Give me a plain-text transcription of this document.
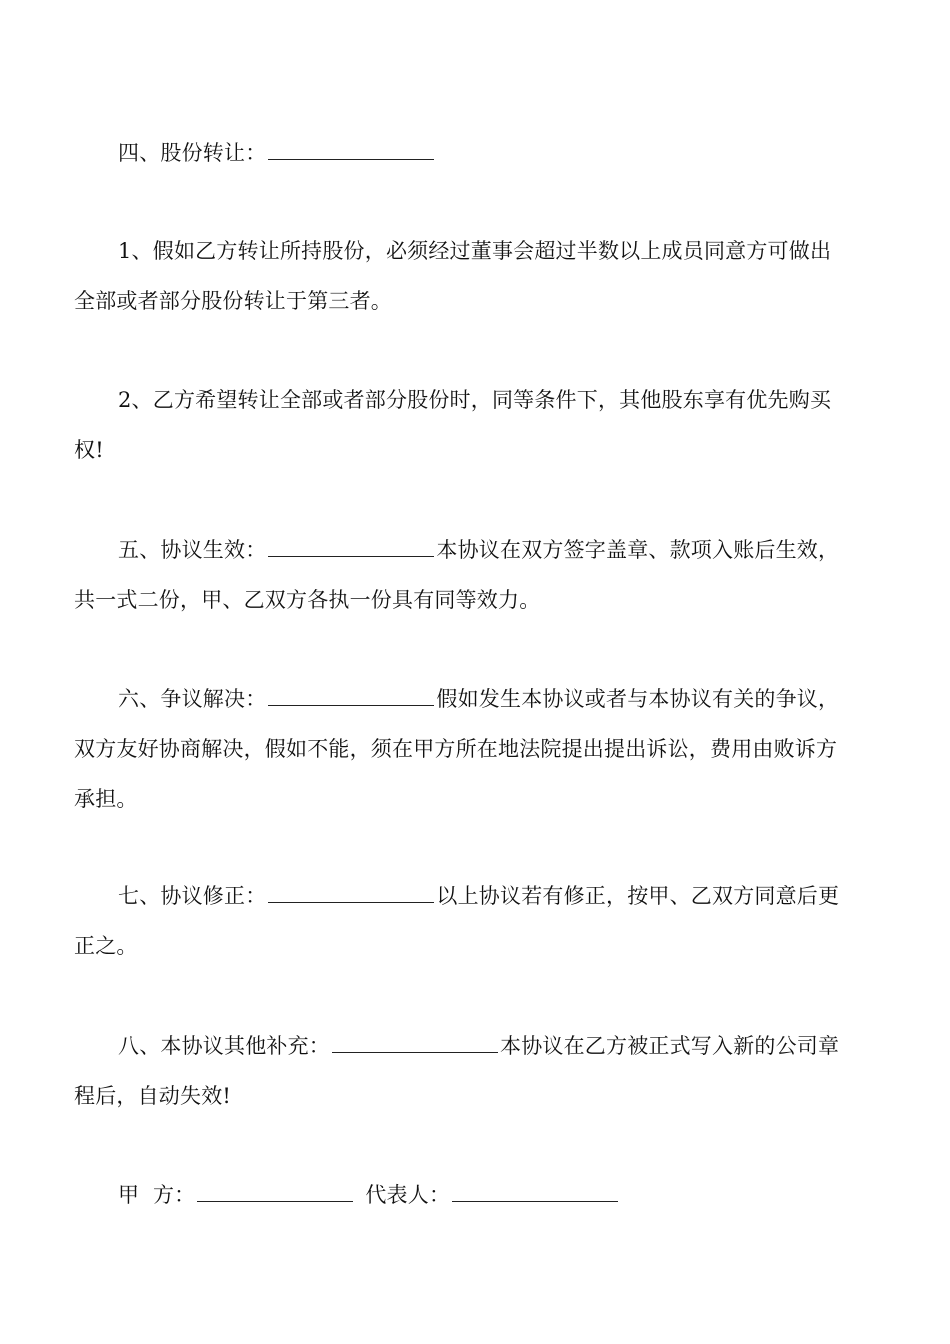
四、股份转让：
1、假如乙方转让所持股份，必须经过董事会超过半数以上成员同意方可做出
全部或者部分股份转让于第三者。
2、乙方希望转让全部或者部分股份时，同等条件下，其他股东享有优先购买
权!
五、协议生效：	本协议在双方签字盖章、款项入账后生效，
共一式二份，甲、乙双方各执一份具有同等效力。
六、争议解决：	假如发生本协议或者与本协议有关的争议，
双方友好协商解决，假如不能，须在甲方所在地法院提出提出诉讼，费用由败诉方
承担。
七、协议修正：	以上协议若有修正，按甲、乙双方同意后更
正之。
八、本协议其他补充：	本协议在乙方被正式写入新的公司章
程后，自动失效!
甲  方：	代表人：
